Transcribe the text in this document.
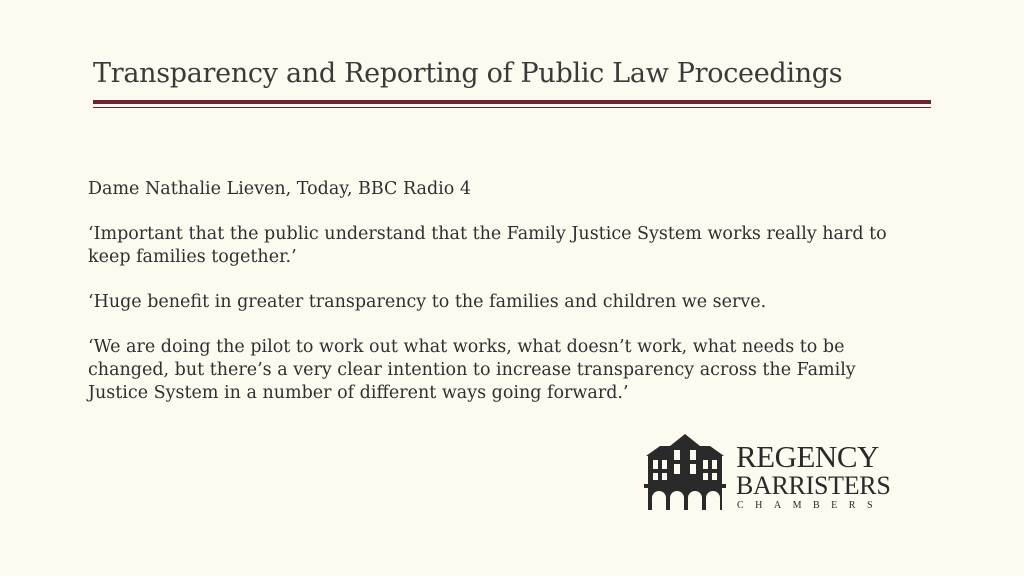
Transparency and Reporting of Public Law Proceedings

Dame Nathalie Lieven, Today, BBC Radio 4

‘Important that the public understand that the Family Justice System works really hard to keep families together.’

‘Huge benefit in greater transparency to the families and children we serve.

‘We are doing the pilot to work out what works, what doesn’t work, what needs to be changed, but there’s a very clear intention to increase transparency across the Family Justice System in a number of different ways going forward.’

REGENCY
BARRISTERS
CHAMBERS
